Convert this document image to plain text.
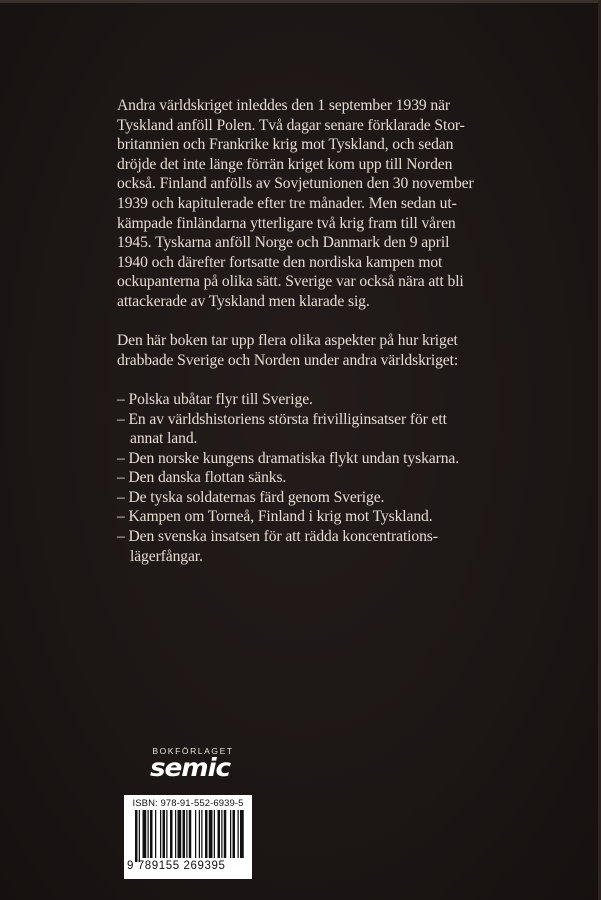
Andra världskriget inleddes den 1 september 1939 när
Tyskland anföll Polen. Två dagar senare förklarade Stor-
britannien och Frankrike krig mot Tyskland, och sedan
dröjde det inte länge förrän kriget kom upp till Norden
också. Finland anfölls av Sovjetunionen den 30 november
1939 och kapitulerade efter tre månader. Men sedan ut-
kämpade finländarna ytterligare två krig fram till våren
1945. Tyskarna anföll Norge och Danmark den 9 april
1940 och därefter fortsatte den nordiska kampen mot
ockupanterna på olika sätt. Sverige var också nära att bli
attackerade av Tyskland men klarade sig.

Den här boken tar upp flera olika aspekter på hur kriget
drabbade Sverige och Norden under andra världskriget:

– Polska ubåtar flyr till Sverige.
– En av världshistoriens största frivilliginsatser för ett
annat land.
– Den norske kungens dramatiska flykt undan tyskarna.
– Den danska flottan sänks.
– De tyska soldaternas färd genom Sverige.
– Kampen om Torneå, Finland i krig mot Tyskland.
– Den svenska insatsen för att rädda koncentrations-
lägerfångar.
BOKFÖRLAGET
semic
ISBN: 978-91-552-6939-5
9 789155 269395
